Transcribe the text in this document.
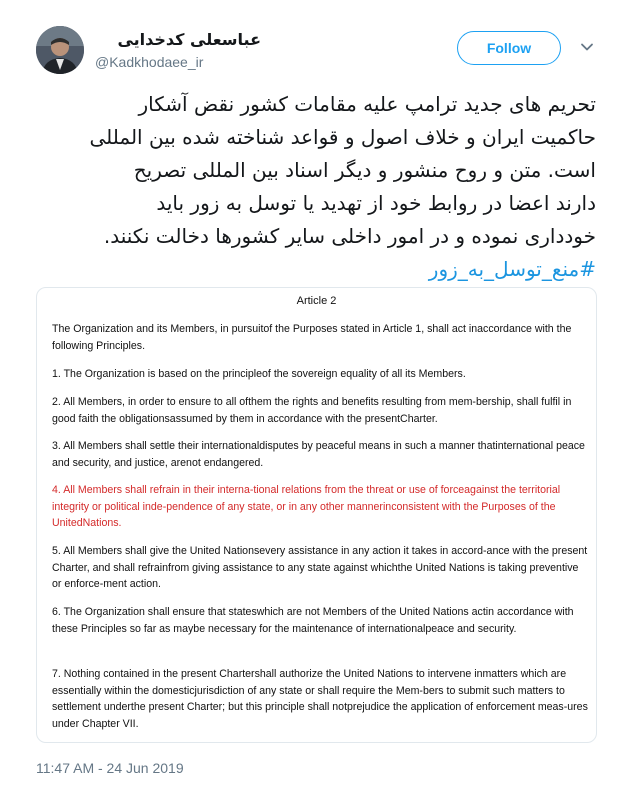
عباسعلی کدخدایی
@Kadkhodaee_ir
Follow
تحریم های جدید ترامپ علیه مقامات کشور نقض آشکار
حاکمیت ایران و خلاف اصول و قواعد شناخته شده بین المللی
است. متن و روح منشور و دیگر اسناد بین المللی تصریح
دارند اعضا در روابط خود از تهدید یا توسل به زور باید
خودداری نموده و در امور داخلی سایر کشورها دخالت نکنند.
#منع_توسل_به_زور
Article 2
The Organization and its Members, in pursuitof the Purposes stated in Article 1, shall act inaccordance with the following Principles.
1. The Organization is based on the principleof the sovereign equality of all its Members.
2. All Members, in order to ensure to all ofthem the rights and benefits resulting from mem-bership, shall fulfil in good faith the obligationsassumed by them in accordance with the presentCharter.
3. All Members shall settle their internationaldisputes by peaceful means in such a manner thatinternational peace and security, and justice, arenot endangered.
4. All Members shall refrain in their interna-tional relations from the threat or use of forceagainst the territorial integrity or political inde-pendence of any state, or in any other mannerinconsistent with the Purposes of the UnitedNations.
5. All Members shall give the United Nationsevery assistance in any action it takes in accord-ance with the present Charter, and shall refrainfrom giving assistance to any state against whichthe United Nations is taking preventive or enforce-ment action.
6. The Organization shall ensure that stateswhich are not Members of the United Nations actin accordance with these Principles so far as maybe necessary for the maintenance of internationalpeace and security.
7. Nothing contained in the present Chartershall authorize the United Nations to intervene inmatters which are essentially within the domesticjurisdiction of any state or shall require the Mem-bers to submit such matters to settlement underthe present Charter; but this principle shall notprejudice the application of enforcement meas-ures under Chapter VII.
11:47 AM - 24 Jun 2019
